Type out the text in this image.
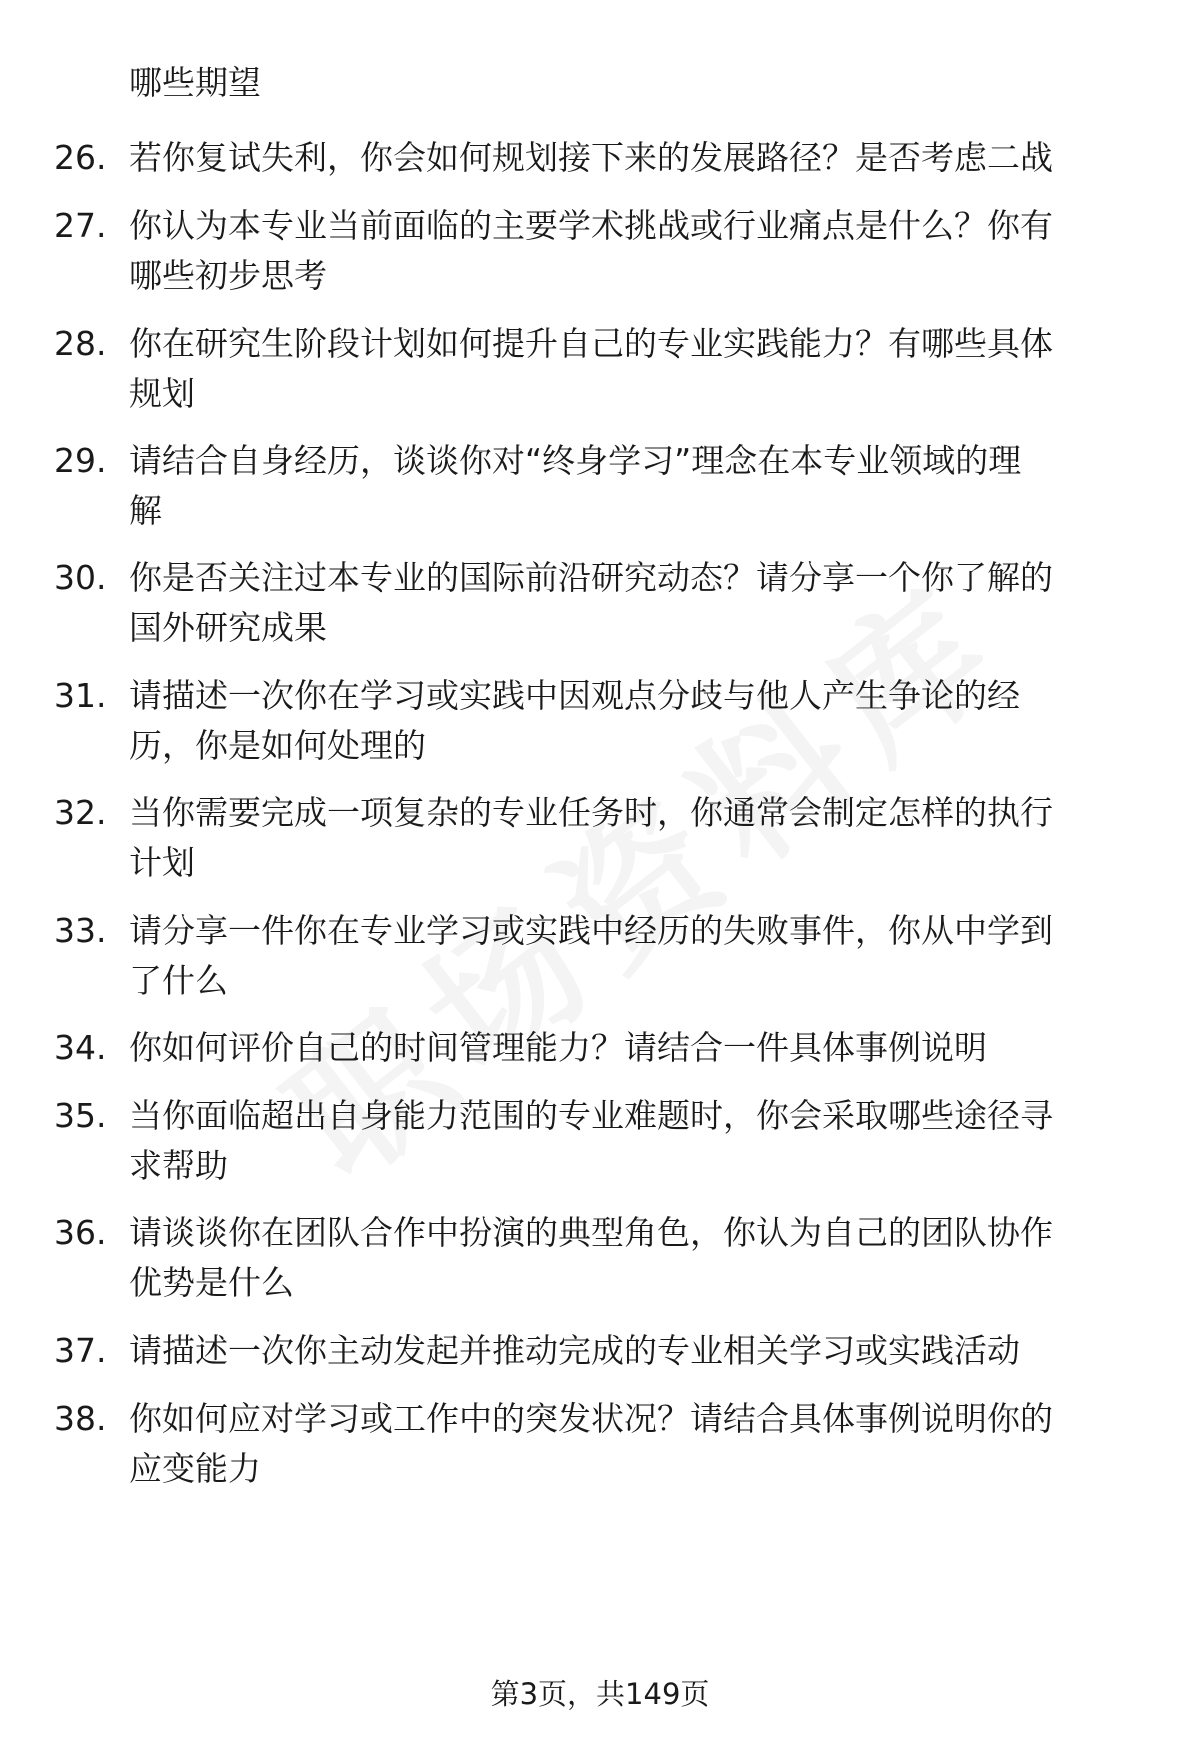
哪些期望
26. 若你复试失利，你会如何规划接下来的发展路径？是否考虑二战
27. 你认为本专业当前面临的主要学术挑战或行业痛点是什么？你有
哪些初步思考
28. 你在研究生阶段计划如何提升自己的专业实践能力？有哪些具体
规划
29. 请结合自身经历，谈谈你对“终身学习”理念在本专业领域的理
解
30. 你是否关注过本专业的国际前沿研究动态？请分享一个你了解的
国外研究成果
31. 请描述一次你在学习或实践中因观点分歧与他人产生争论的经
历，你是如何处理的
32. 当你需要完成一项复杂的专业任务时，你通常会制定怎样的执行
计划
33. 请分享一件你在专业学习或实践中经历的失败事件，你从中学到
了什么
34. 你如何评价自己的时间管理能力？请结合一件具体事例说明
35. 当你面临超出自身能力范围的专业难题时，你会采取哪些途径寻
求帮助
36. 请谈谈你在团队合作中扮演的典型角色，你认为自己的团队协作
优势是什么
37. 请描述一次你主动发起并推动完成的专业相关学习或实践活动
38. 你如何应对学习或工作中的突发状况？请结合具体事例说明你的
应变能力
第3页，共149页
